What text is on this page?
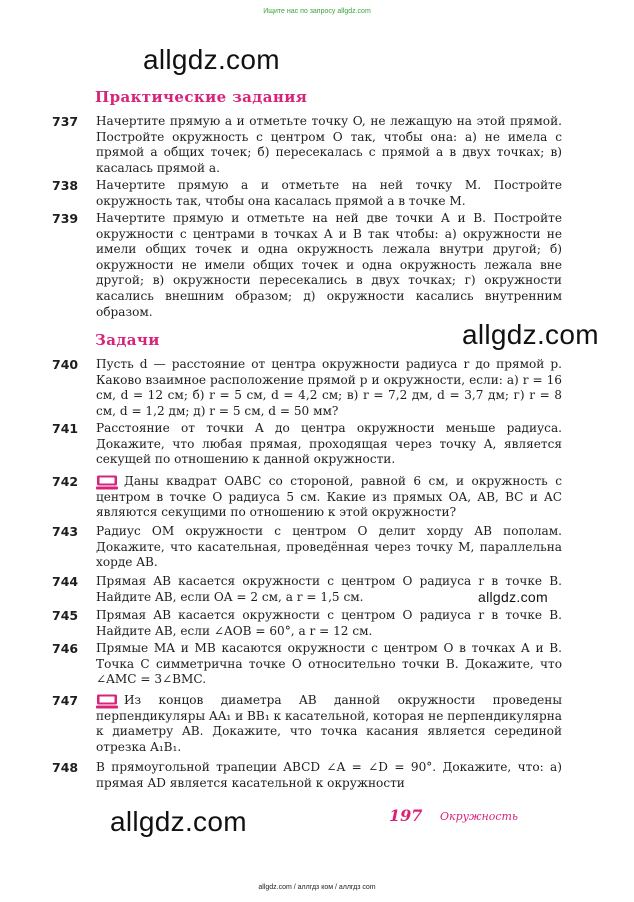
Ищите нас по запросу allgdz.com
allgdz.com
allgdz.com
allgdz.com
allgdz.com
Практические задания
737	Начертите прямую a и отметьте точку O, не лежащую на этой прямой. Постройте окружность с центром O так, чтобы она: а) не имела с прямой a общих точек; б) пересекалась с прямой a в двух точках; в) касалась прямой a.
738	Начертите прямую a и отметьте на ней точку M. Постройте окружность так, чтобы она касалась прямой a в точке M.
739	Начертите прямую и отметьте на ней две точки A и B. Постройте окружности с центрами в точках A и B так чтобы: а) окружности не имели общих точек и одна окружность лежала внутри другой; б) окружности не имели общих точек и одна окружность лежала вне другой; в) окружности пересекались в двух точках; г) окружности касались внешним образом; д) окружности касались внутренним образом.
Задачи
740	Пусть d — расстояние от центра окружности радиуса r до прямой p. Каково взаимное расположение прямой p и окружности, если: а) r = 16 см, d = 12 см; б) r = 5 см, d = 4,2 см; в) r = 7,2 дм, d = 3,7 дм; г) r = 8 см, d = 1,2 дм; д) r = 5 см, d = 50 мм?
741	Расстояние от точки A до центра окружности меньше радиуса. Докажите, что любая прямая, проходящая через точку A, является секущей по отношению к данной окружности.
742	Даны квадрат OABC со стороной, равной 6 см, и окружность с центром в точке O радиуса 5 см. Какие из прямых OA, AB, BC и AC являются секущими по отношению к этой окружности?
743	Радиус OM окружности с центром O делит хорду AB пополам. Докажите, что касательная, проведённая через точку M, параллельна хорде AB.
744	Прямая AB касается окружности с центром O радиуса r в точке B. Найдите AB, если OA = 2 см, а r = 1,5 см.
745	Прямая AB касается окружности с центром O радиуса r в точке B. Найдите AB, если ∠AOB = 60°, а r = 12 см.
746	Прямые MA и MB касаются окружности с центром O в точках A и B. Точка C симметрична точке O относительно точки B. Докажите, что ∠AMC = 3∠BMC.
747	Из концов диаметра AB данной окружности проведены перпендикуляры AA₁ и BB₁ к касательной, которая не перпендикулярна к диаметру AB. Докажите, что точка касания является серединой отрезка A₁B₁.
748	В прямоугольной трапеции ABCD ∠A = ∠D = 90°. Докажите, что: а) прямая AD является касательной к окружности
197 Окружность
allgdz.com / аллгдз ком / аллгдз com
